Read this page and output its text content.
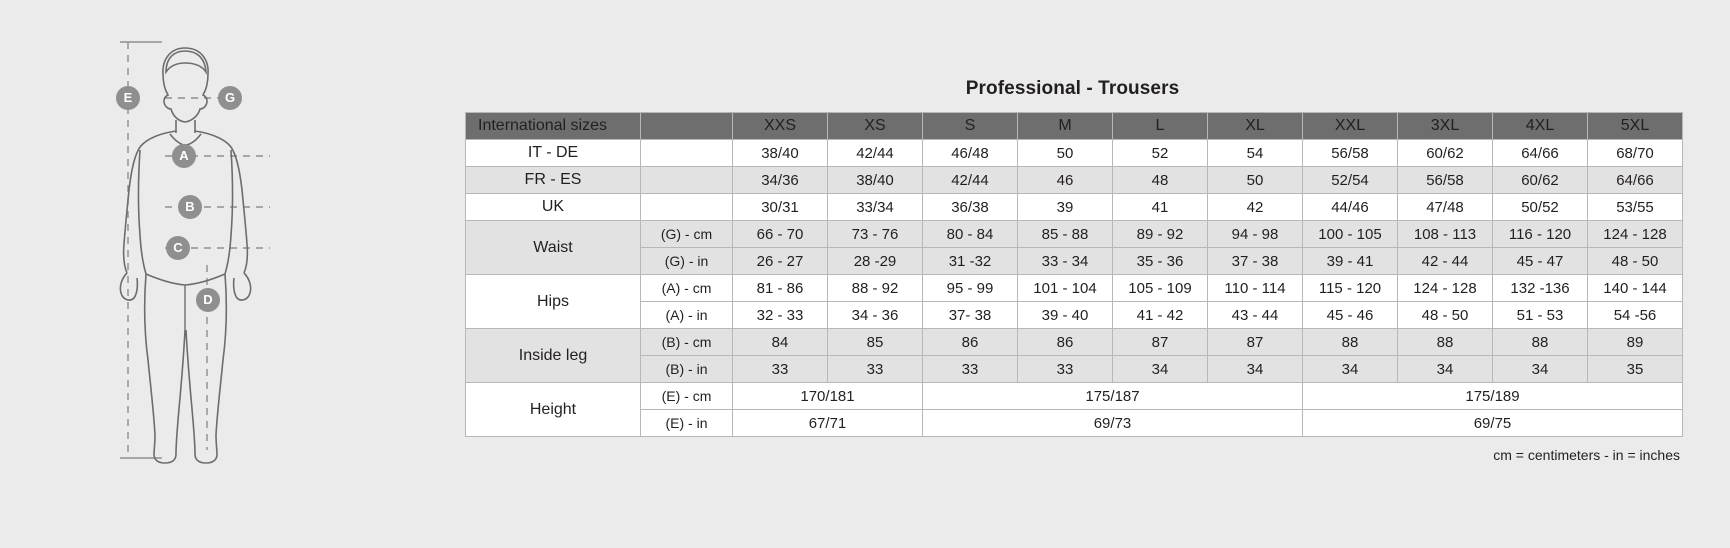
E	G
A
B
C
D
Professional - Trousers
International sizes		XXS	XS	S	M	L	XL	XXL	3XL	4XL	5XL
IT - DE		38/40	42/44	46/48	50	52	54	56/58	60/62	64/66	68/70
FR - ES		34/36	38/40	42/44	46	48	50	52/54	56/58	60/62	64/66
UK		30/31	33/34	36/38	39	41	42	44/46	47/48	50/52	53/55
Waist	(G) - cm	66 - 70	73 - 76	80 - 84	85 - 88	89 - 92	94 - 98	100 - 105	108 - 113	116 - 120	124 - 128
	(G) - in	26 - 27	28 -29	31 -32	33 - 34	35 - 36	37 - 38	39 - 41	42 - 44	45 - 47	48 - 50
Hips	(A) - cm	81 - 86	88 - 92	95 - 99	101 - 104	105 - 109	110 - 114	115 - 120	124 - 128	132 -136	140 - 144
	(A) - in	32 - 33	34 - 36	37- 38	39 - 40	41 - 42	43 - 44	45 - 46	48 - 50	51 - 53	54 -56
Inside leg	(B) - cm	84	85	86	86	87	87	88	88	88	89
	(B) - in	33	33	33	33	34	34	34	34	34	35
Height	(E) - cm	170/181		175/187				175/189			
	(E) - in	67/71		69/73				69/75			
cm = centimeters - in = inches
